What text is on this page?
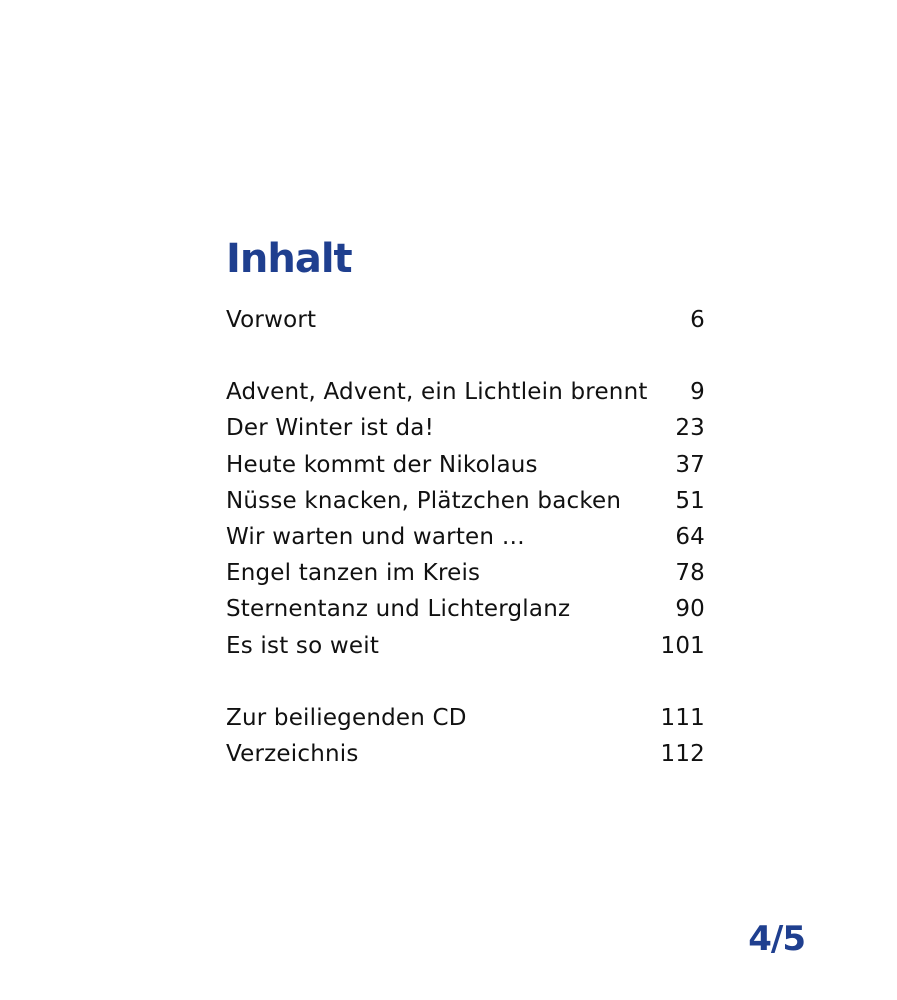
Inhalt
Vorwort	6
Advent, Advent, ein Lichtlein brennt	9
Der Winter ist da!	23
Heute kommt der Nikolaus	37
Nüsse knacken, Plätzchen backen	51
Wir warten und warten …	64
Engel tanzen im Kreis	78
Sternentanz und Lichterglanz	90
Es ist so weit	101
Zur beiliegenden CD	111
Verzeichnis	112
4/5
